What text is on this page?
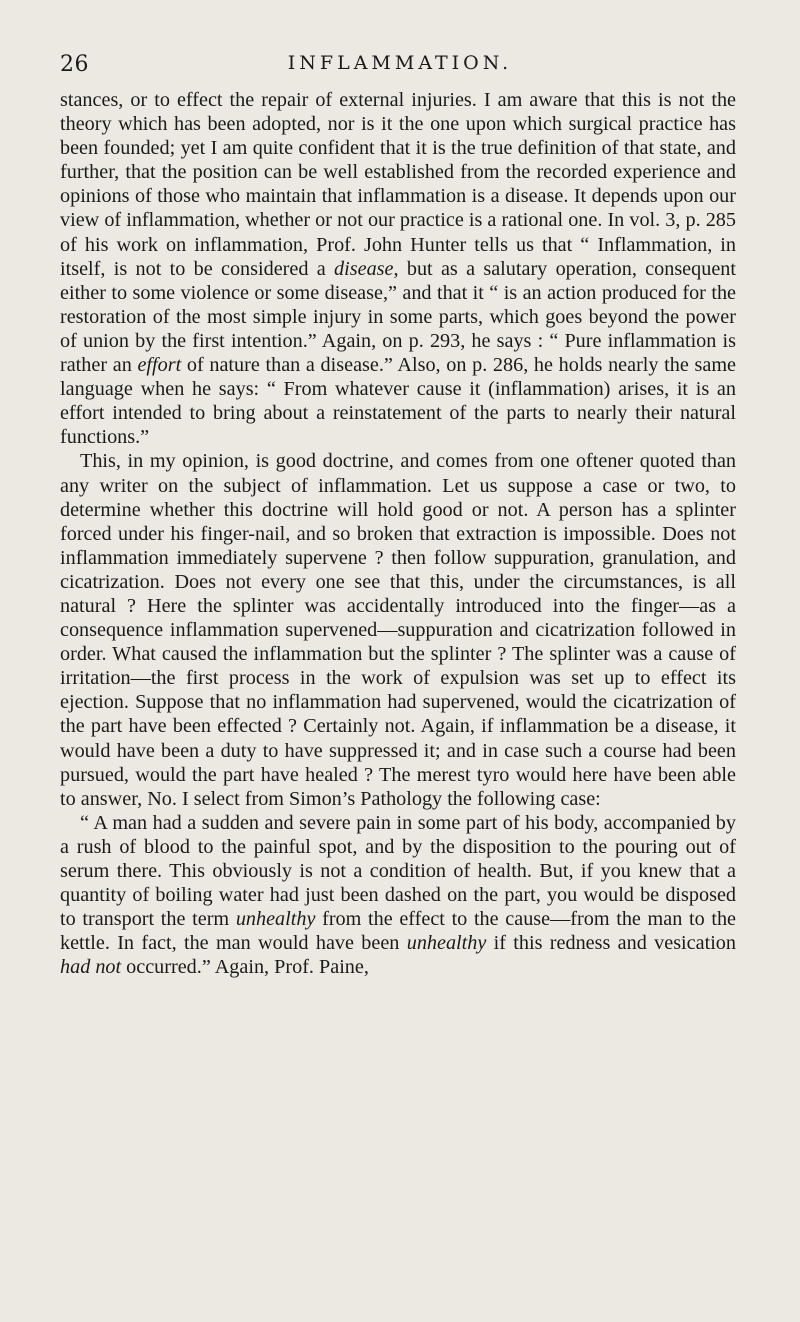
26	INFLAMMATION.

stances, or to effect the repair of external injuries. I am aware that this is not the theory which has been adopted, nor is it the one upon which surgical practice has been founded; yet I am quite confident that it is the true definition of that state, and further, that the position can be well established from the recorded experience and opinions of those who maintain that inflammation is a disease. It depends upon our view of inflammation, whether or not our practice is a rational one. In vol. 3, p. 285 of his work on inflammation, Prof. John Hunter tells us that “ Inflammation, in itself, is not to be considered a disease, but as a salutary operation, consequent either to some violence or some disease,” and that it “ is an action produced for the restoration of the most simple injury in some parts, which goes beyond the power of union by the first intention.” Again, on p. 293, he says : “ Pure inflammation is rather an effort of nature than a disease.” Also, on p. 286, he holds nearly the same language when he says: “ From whatever cause it (inflammation) arises, it is an effort intended to bring about a reinstatement of the parts to nearly their natural functions.”

This, in my opinion, is good doctrine, and comes from one oftener quoted than any writer on the subject of inflammation. Let us suppose a case or two, to determine whether this doctrine will hold good or not. A person has a splinter forced under his finger-nail, and so broken that extraction is impossible. Does not inflammation immediately supervene ? then follow suppuration, granulation, and cicatrization. Does not every one see that this, under the circumstances, is all natural ? Here the splinter was accidentally introduced into the finger—as a consequence inflammation supervened—suppuration and cicatrization followed in order. What caused the inflammation but the splinter ? The splinter was a cause of irritation—the first process in the work of expulsion was set up to effect its ejection. Suppose that no inflammation had supervened, would the cicatrization of the part have been effected ? Certainly not. Again, if inflammation be a disease, it would have been a duty to have suppressed it; and in case such a course had been pursued, would the part have healed ? The merest tyro would here have been able to answer, No. I select from Simon’s Pathology the following case:

“ A man had a sudden and severe pain in some part of his body, accompanied by a rush of blood to the painful spot, and by the disposition to the pouring out of serum there. This obviously is not a condition of health. But, if you knew that a quantity of boiling water had just been dashed on the part, you would be disposed to transport the term unhealthy from the effect to the cause—from the man to the kettle. In fact, the man would have been unhealthy if this redness and vesication had not occurred.” Again, Prof. Paine,
